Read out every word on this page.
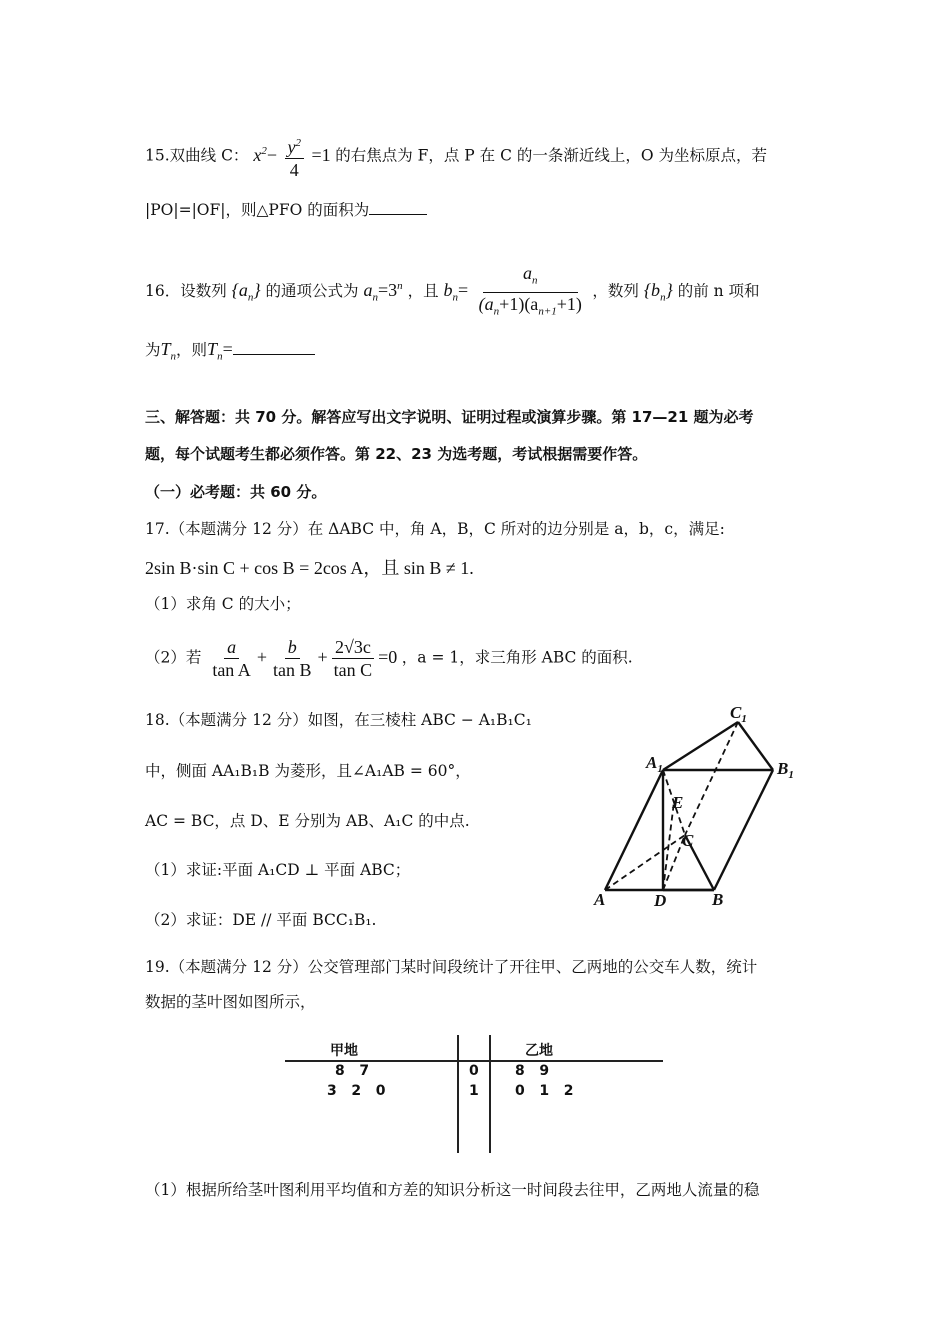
15.双曲线 C： $x^2- \frac{y^2}{4} =1$ 的右焦点为 F，点 P 在 C 的一条渐近线上，O 为坐标原点，若
|PO|=|OF|，则△PFO 的面积为
16．设数列 $\{a_n\}$ 的通项公式为 $a_n=3^n$ ，且 $b_n= \frac{a_n}{(a_n+1)(a_{n+1}+1)}$ ，数列 $\{b_n\}$ 的前 n 项和
为$T_n$，则$T_n=$
三、解答题：共 70 分。解答应写出文字说明、证明过程或演算步骤。第 17—21 题为必考
题，每个试题考生都必须作答。第 22、23 为选考题，考试根据需要作答。
（一）必考题：共 60 分。
17.（本题满分 12 分）在 ΔABC 中，角 A，B，C 所对的边分别是 a，b，c，满足:
2sin B·sin C + cos B = 2cos A，且 sin B ≠ 1.
（1）求角 C 的大小；
（2）若 $\frac{a}{\text{tan A}} + \frac{b}{\text{tan B}} + \frac{2√3c}{\text{tan C}} =0$ ，a = 1，求三角形 ABC 的面积.
18.（本题满分 12 分）如图，在三棱柱 ABC − A₁B₁C₁
中，侧面 AA₁B₁B 为菱形，且∠A₁AB = 60°，
AC = BC，点 D、E 分别为 AB、A₁C 的中点.
（1）求证:平面 A₁CD ⊥ 平面 ABC；
（2）求证：DE // 平面 BCC₁B₁.
$C_1$
$A_1$	$B_1$
E
C
A	D	B
19.（本题满分 12 分）公交管理部门某时间段统计了开往甲、乙两地的公交车人数，统计
数据的茎叶图如图所示，
甲地	乙地
8   7	0	8   9
3   2   0	1	0   1   2
（1）根据所给茎叶图利用平均值和方差的知识分析这一时间段去往甲，乙两地人流量的稳
